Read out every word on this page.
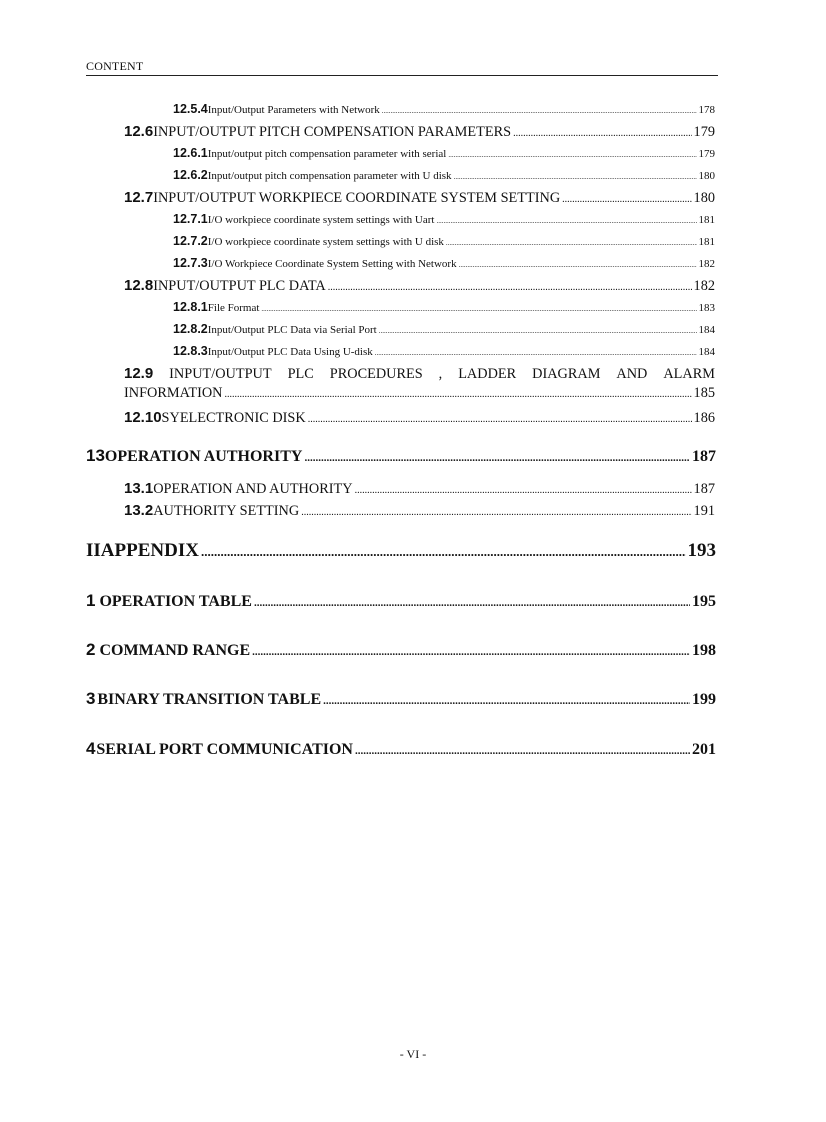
CONTENT
12.5.4 Input/Output Parameters with Network .....	178
12.6 INPUT/OUTPUT PITCH COMPENSATION PARAMETERS .....	179
12.6.1 Input/output pitch compensation parameter with serial .....	179
12.6.2 Input/output pitch compensation parameter with U disk .....	180
12.7 INPUT/OUTPUT WORKPIECE COORDINATE SYSTEM SETTING .....	180
12.7.1 I/O workpiece coordinate system settings with Uart .....	181
12.7.2 I/O workpiece coordinate system settings with U disk .....	181
12.7.3 I/O Workpiece Coordinate System Setting with Network .....	182
12.8 INPUT/OUTPUT PLC DATA .....	182
12.8.1 File Format .....	183
12.8.2 Input/Output PLC Data via Serial Port .....	184
12.8.3 Input/Output PLC Data Using U-disk .....	184
12.9 INPUT/OUTPUT PLC PROCEDURES , LADDER DIAGRAM AND ALARM
INFORMATION .....	185
12.10 SYELECTRONIC DISK .....	186
13 OPERATION AUTHORITY .....	187
13.1 OPERATION AND AUTHORITY .....	187
13.2 AUTHORITY SETTING .....	191
II APPENDIX .....	193
1 OPERATION TABLE .....	195
2 COMMAND RANGE .....	198
3 BINARY TRANSITION TABLE .....	199
4 SERIAL PORT COMMUNICATION .....	201
- VI -
